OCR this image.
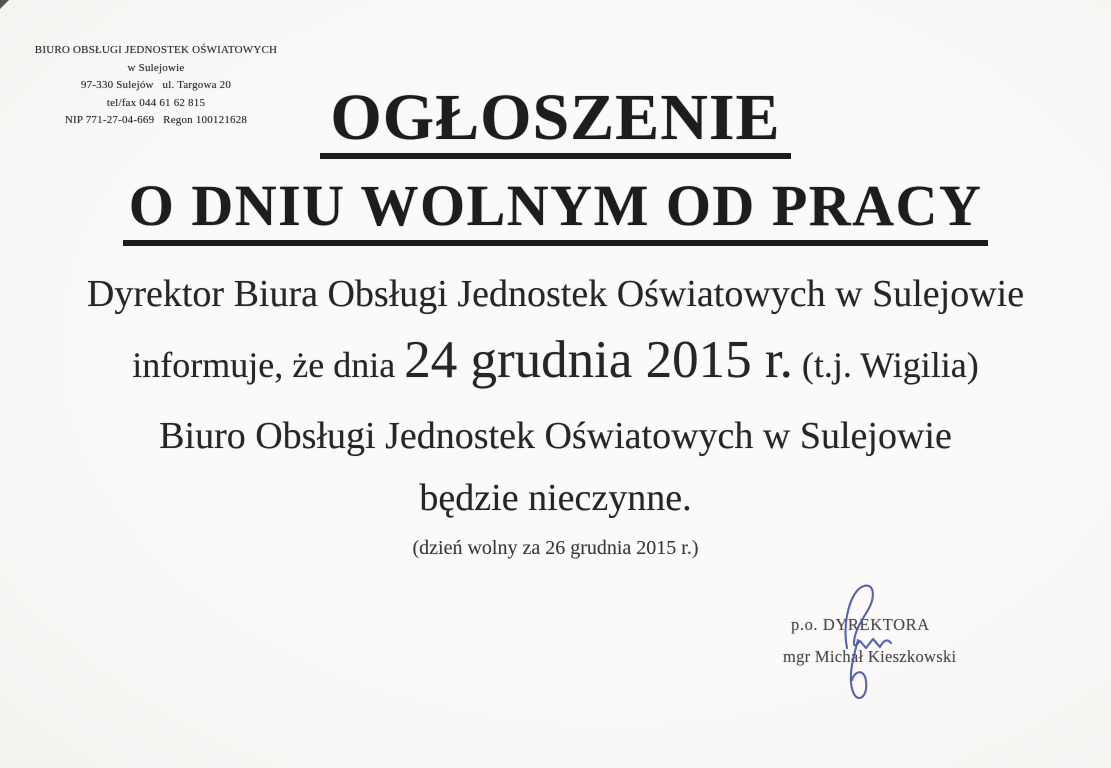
BIURO OBSŁUGI JEDNOSTEK OŚWIATOWYCH
w Sulejowie
97-330 Sulejów   ul. Targowa 20
tel/fax 044 61 62 815
NIP 771-27-04-669   Regon 100121628	OGŁOSZENIE
O DNIU WOLNYM OD PRACY
Dyrektor Biura Obsługi Jednostek Oświatowych w Sulejowie
informuje, że dnia 24 grudnia 2015 r. (t.j. Wigilia)
Biuro Obsługi Jednostek Oświatowych w Sulejowie
będzie nieczynne.
(dzień wolny za 26 grudnia 2015 r.)
p.o. DYREKTORA
mgr Michał Kieszkowski
